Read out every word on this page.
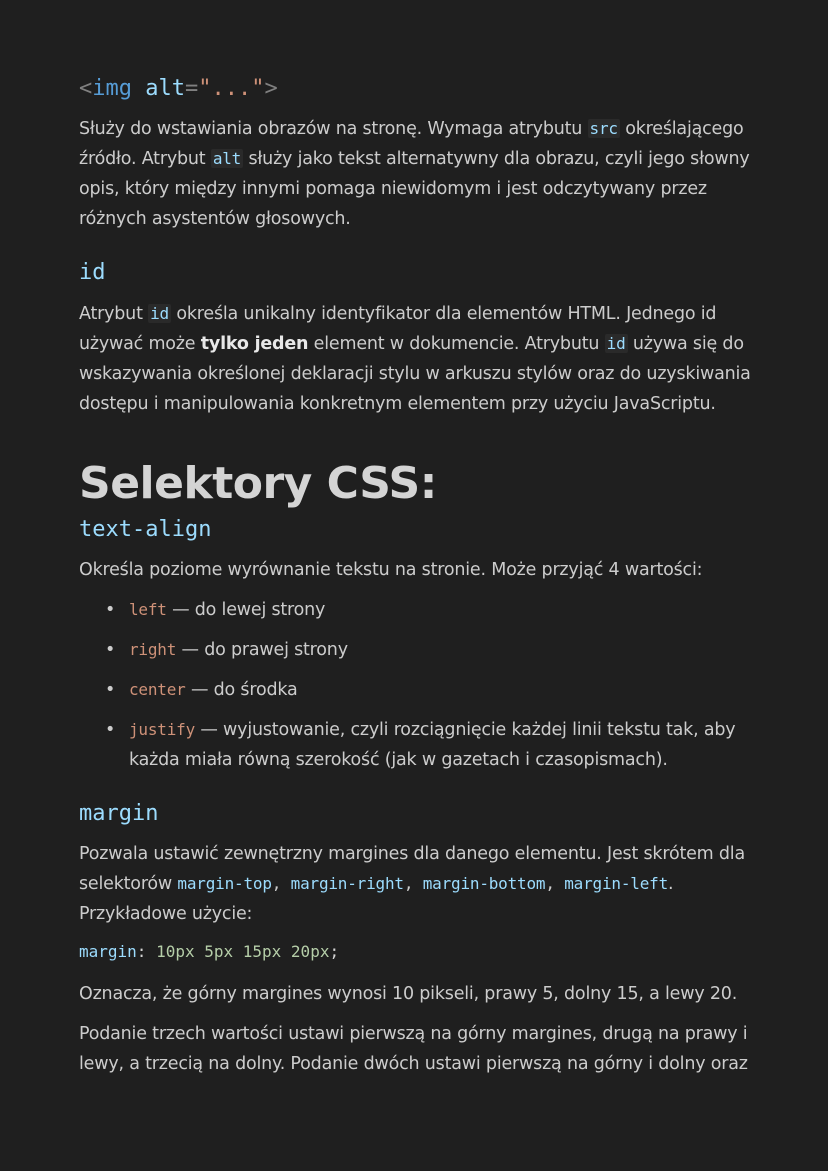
<img alt="...">

Służy do wstawiania obrazów na stronę. Wymaga atrybutu src określającego źródło. Atrybut alt służy jako tekst alternatywny dla obrazu, czyli jego słowny opis, który między innymi pomaga niewidomym i jest odczytywany przez różnych asystentów głosowych.

id

Atrybut id określa unikalny identyfikator dla elementów HTML. Jednego id używać może tylko jeden element w dokumencie. Atrybutu id używa się do wskazywania określonej deklaracji stylu w arkuszu stylów oraz do uzyskiwania dostępu i manipulowania konkretnym elementem przy użyciu JavaScriptu.

Selektory CSS:

text-align

Określa poziome wyrównanie tekstu na stronie. Może przyjąć 4 wartości:

• left — do lewej strony
• right — do prawej strony
• center — do środka
• justify — wyjustowanie, czyli rozciągnięcie każdej linii tekstu tak, aby każda miała równą szerokość (jak w gazetach i czasopismach).

margin

Pozwala ustawić zewnętrzny margines dla danego elementu. Jest skrótem dla selektorów margin-top, margin-right, margin-bottom, margin-left. Przykładowe użycie:

margin: 10px 5px 15px 20px;

Oznacza, że górny margines wynosi 10 pikseli, prawy 5, dolny 15, a lewy 20.

Podanie trzech wartości ustawi pierwszą na górny margines, drugą na prawy i lewy, a trzecią na dolny. Podanie dwóch ustawi pierwszą na górny i dolny oraz
